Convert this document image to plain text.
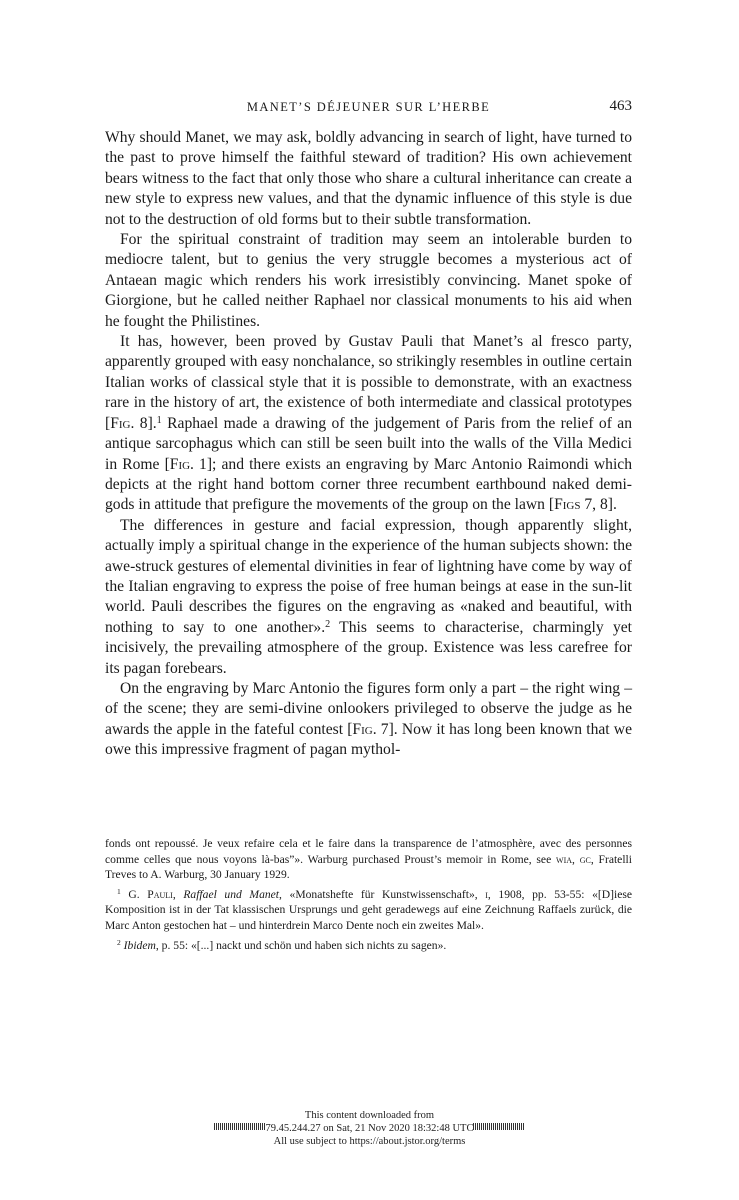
MANET’S DÉJEUNER SUR L’HERBE	463

Why should Manet, we may ask, boldly advancing in search of light, have turned to the past to prove himself the faithful steward of tradition? His own achievement bears witness to the fact that only those who share a cultural inheritance can create a new style to express new values, and that the dynamic influence of this style is due not to the destruction of old forms but to their subtle transformation.

For the spiritual constraint of tradition may seem an intolerable burden to mediocre talent, but to genius the very struggle becomes a mysterious act of Antaean magic which renders his work irresistibly convincing. Manet spoke of Giorgione, but he called neither Raphael nor classical monuments to his aid when he fought the Philistines.

It has, however, been proved by Gustav Pauli that Manet’s al fresco party, apparently grouped with easy nonchalance, so strikingly resembles in outline certain Italian works of classical style that it is possible to demonstrate, with an exactness rare in the history of art, the existence of both intermediate and classical prototypes [Fig. 8].$^1$ Raphael made a drawing of the judgement of Paris from the relief of an antique sarcophagus which can still be seen built into the walls of the Villa Medici in Rome [Fig. 1]; and there exists an engraving by Marc Antonio Raimondi which depicts at the right hand bottom corner three recumbent earthbound naked demi-gods in attitude that prefigure the movements of the group on the lawn [Figs 7, 8].

The differences in gesture and facial expression, though apparently slight, actually imply a spiritual change in the experience of the human subjects shown: the awe-struck gestures of elemental divinities in fear of lightning have come by way of the Italian engraving to express the poise of free human beings at ease in the sun-lit world. Pauli describes the figures on the engraving as «naked and beautiful, with nothing to say to one another».$^2$ This seems to characterise, charmingly yet incisively, the prevailing atmosphere of the group. Existence was less carefree for its pagan forebears.

On the engraving by Marc Antonio the figures form only a part – the right wing – of the scene; they are semi-divine onlookers privileged to observe the judge as he awards the apple in the fateful contest [Fig. 7]. Now it has long been known that we owe this impressive fragment of pagan mythol-

fonds ont repoussé. Je veux refaire cela et le faire dans la transparence de l’atmosphère, avec des personnes comme celles que nous voyons là-bas”». Warburg purchased Proust’s memoir in Rome, see wia, gc, Fratelli Treves to A. Warburg, 30 January 1929.

$^1$ G. Pauli, Raffael und Manet, «Monatshefte für Kunstwissenschaft», i, 1908, pp. 53-55: «[D]iese Komposition ist in der Tat klassischen Ursprungs und geht geradewegs auf eine Zeichnung Raffaels zurück, die Marc Anton gestochen hat – und hinterdrein Marco Dente noch ein zweites Mal».

$^2$ Ibidem, p. 55: «[...] nackt und schön und haben sich nichts zu sagen».

This content downloaded from
79.45.244.27 on Sat, 21 Nov 2020 18:32:48 UTC
All use subject to https://about.jstor.org/terms
